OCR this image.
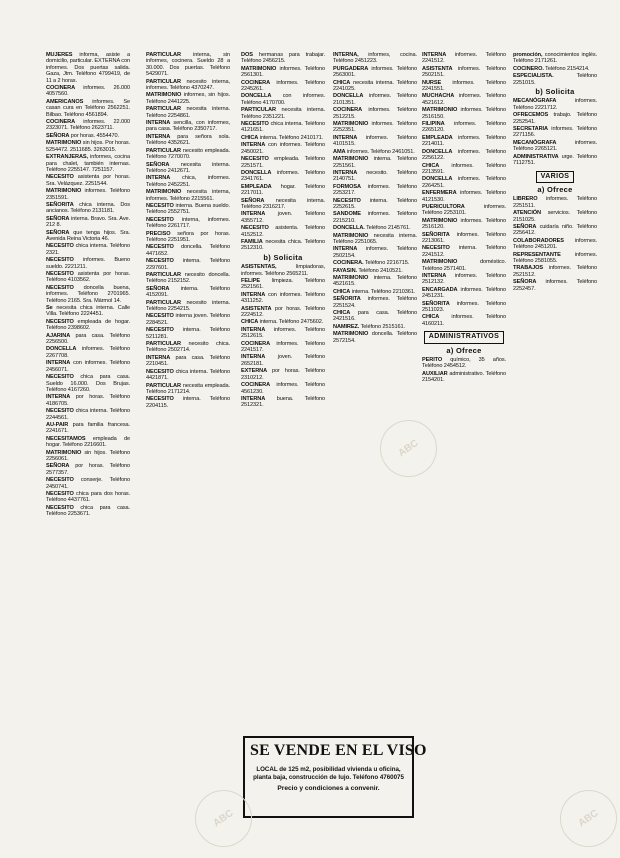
MUJERES informa, asiste a domicilio, particular. EXTERNA con informes. Dos puertas salida. Gaza, Jtm. Teléfono 4799419, de 11 a 2 horas.

COCINERA informes. 26.000 4057560.

AMERICANOS informes. Se casan cura en Teléfono 2562251. Bilbao. Teléfono 4561894.

COCINERA informes. 22.000 2323071. Teléfono 2623711.

SEÑORA por horas. 4554470.

MATRIMONIO sin hijos. Por horas. 5254472. 2511685. 3263015.

EXTRANJERAS, informes, cocina para chalet, también internas. Teléfono 2255147. 7251157.

NECESITO asistenta por horas. Sra. Velázquez. 2251544.

MATRIMONIO informes. Teléfono 2351591.

SEÑORITA chica interna. Dos ancianos. Teléfono 2131181.

SEÑORA interna. Bravo. Sra. Ave. 212 8.

SEÑORA que tenga hijos. Sra. Avenida Reina Victoria 46.

NECESITO chica interna. Teléfono 2321.

NECESITO informes. Bueno sueldo. 2221211.

NECESITO asistenta por horas. Teléfono 4103562.

NECESITO doncella buena, informes. Teléfono 2701965. Teléfono 2165. Sra. Mármol 14.

Se necesita chica interna. Calle Villa. Teléfono 2224451.

NECESITO empleada de hogar. Teléfono 2398602.

AJARINA para casa. Teléfono 2256500.

DONCELLA informes. Teléfono 2267708.

INTERNA con informes. Teléfono 2456071.

NECESITO chica para casa. Sueldo 16.000. Dos Brujas. Teléfono 4167260.

INTERNA por horas. Teléfono 4186705.

NECESITO chica interna. Teléfono 2244561.

AU-PAIR para familia francesa. 2241671.

NECESITAMOS empleada de hogar. Teléfono 2216601.

MATRIMONIO sin hijos. Teléfono 2256061.

SEÑORA por horas. Teléfono 2577357.

NECESITO conserje. Teléfono 2450741.

NECESITO chica para dos horas. Teléfono 4437761.

NECESITO chica para casa. Teléfono 2253671.

PARTICULAR interna, sin informes, cocinera. Sueldo 28 a 30.000. Dos puertas. Teléfono 5429071.

PARTICULAR necesito interna, informes. Teléfono 4370247.

MATRIMONIO informes, sin hijos. Teléfono 2441225.

PARTICULAR necesita interna. Teléfono 2254861.

INTERNA sencilla, con informes, para casa. Teléfono 2350717.

INTERNA para señora sola. Teléfono 4352621.

PARTICULAR necesito empleada. Teléfono 7270070.

SEÑORA necesita interna. Teléfono 2412671.

INTERNA chica, informes. Teléfono 2452251.

MATRIMONIO necesita interna, informes. Teléfono 2215561.

NECESITO interna. Buena sueldo. Teléfono 2552751.

NECESITO interna, informes. Teléfono 2261717.

PRECISO señora por horas. Teléfono 2251951.

NECESITO doncella. Teléfono 4471652.

NECESITO interna. Teléfono 2297601.

PARTICULAR necesito doncella. Teléfono 2152152.

SEÑORA interna. Teléfono 4152091.

PARTICULAR necesito interna. Teléfono 2254215.

NECESITO interna joven. Teléfono 2284521.

NECESITO interna. Teléfono 5211281.

PARTICULAR necesito chica. Teléfono 2502714.

INTERNA para casa. Teléfono 2210451.

NECESITO chica interna. Teléfono 4421871.

PARTICULAR necesita empleada. Teléfono 2171214.

NECESITO interna. Teléfono 2204115.

DOS hermanas para trabajar. Teléfono 2456215.

MATRIMONIO informes. Teléfono 2561301.

COCINERA informes. Teléfono 2245261.

DONCELLA con informes. Teléfono 4170700.

PARTICULAR necesita interna. Teléfono 2351221.

NECESITO chica interna. Teléfono 4121651.

CHICA interna. Teléfono 2410171.

INTERNA con informes. Teléfono 2450021.

NECESITO empleada. Teléfono 2251571.

DONCELLA informes. Teléfono 2341761.

EMPLEADA hogar. Teléfono 2217011.

SEÑORA necesita interna. Teléfono 2316217.

INTERNA joven. Teléfono 4355712.

NECESITO asistenta. Teléfono 4152512.

FAMILIA necesita chica. Teléfono 2512310.

b) Solicita

ASISTENTAS, limpiadoras, informes. Teléfono 2565211.

FELIPE limpieza. Teléfono 2521561.

INTERNA con informes. Teléfono 4311252.

ASISTENTA por horas. Teléfono 2224512.

CHICA interna. Teléfono 2475602.

INTERNA informes. Teléfono 2512615.

COCINERA informes. Teléfono 2241517.

INTERNA joven. Teléfono 2652181.

EXTERNA por horas. Teléfono 2310212.

COCINERA informes. Teléfono 4561230.

INTERNA buena. Teléfono 2512321.

INTERNA, informes, cocina. Teléfono 2451223.

PURGADERA informes. Teléfono 2563001.

CHICA necesita interna. Teléfono 2241025.

DONCELLA informes. Teléfono 2101351.

COCINERA informes. Teléfono 2512215.

MATRIMONIO informes. Teléfono 2252351.

INTERNA informes. Teléfono 4101515.

AMA informes. Teléfono 2461051.

MATRIMONIO interna. Teléfono 2251561.

INTERNA necesito. Teléfono 2140751.

FORMOSA informes. Teléfono 2253217.

NECESITO interna. Teléfono 2252615.

SANDOME informes. Teléfono 2215210.

DONCELLA. Teléfono 2145761.

MATRIMONIO necesita interna. Teléfono 2251065.

INTERNA informes. Teléfono 2502154.

COCINERA. Teléfono 2216715.

FAYASIN. Teléfono 2410521.

MATRIMONIO interna. Teléfono 4521615.

CHICA interna. Teléfono 2210361.

SEÑORITA informes. Teléfono 2251524.

CHICA para casa. Teléfono 2421516.

NAMIREZ. Teléfono 2515161.

MATRIMONIO doncella. Teléfono 2572154.

INTERNA informes. Teléfono 2241512.

ASISTENTA informes. Teléfono 2502151.

NURSE informes. Teléfono 2241551.

MUCHACHA informes. Teléfono 4521612.

MATRIMONIO informes. Teléfono 2516150.

FILIPINA informes. Teléfono 2265120.

EMPLEADA informes. Teléfono 2214011.

DONCELLA informes. Teléfono 2256122.

CHICA informes. Teléfono 2213591.

DONCELLA informes. Teléfono 2264251.

ENFERMERA informes. Teléfono 4121530.

PUERICULTORA informes. Teléfono 2253101.

MATRIMONIO informes. Teléfono 2516120.

SEÑORITA informes. Teléfono 2213061.

NECESITO interna. Teléfono 2241512.

MATRIMONIO doméstico. Teléfono 2571401.

INTERNA informes. Teléfono 2512132.

ENCARGADA informes. Teléfono 2451231.

SEÑORITA informes. Teléfono 2511023.

CHICA informes. Teléfono 4160211.

ADMINISTRATIVOS
a) Ofrece

PERITO químico, 35 años. Teléfono 2454512.

AUXILIAR administrativo. Teléfono 2154201.

promoción, conocimientos inglés. Teléfono 2171261.

COCINERO. Teléfono 2154214.

ESPECIALISTA. Teléfono 2251015.

b) Solicita

MECANÓGRAFA informes. Teléfono 2221712.

OFRECEMOS trabajo. Teléfono 2252541.

SECRETARIA informes. Teléfono 2271156.

MECANÓGRAFA informes. Teléfono 2265121.

ADMINISTRATIVA urge. Teléfono 7112751.

VARIOS
a) Ofrece

LIBRERO informes. Teléfono 2251511.

ATENCIÓN servicios. Teléfono 2151025.

SEÑORA cuidaría niño. Teléfono 2256412.

COLABORADORES informes. Teléfono 2451201.

REPRESENTANTE informes. Teléfono 2581055.

TRABAJOS informes. Teléfono 2521512.

SEÑORA informes. Teléfono 2252457.

SE VENDE EN EL VISO
LOCAL de 125 m2, posibilidad vivienda u oficina, planta baja, construcción de lujo. Teléfono 4760075
Precio y condiciones a convenir.
ABC
ABC
ABC
